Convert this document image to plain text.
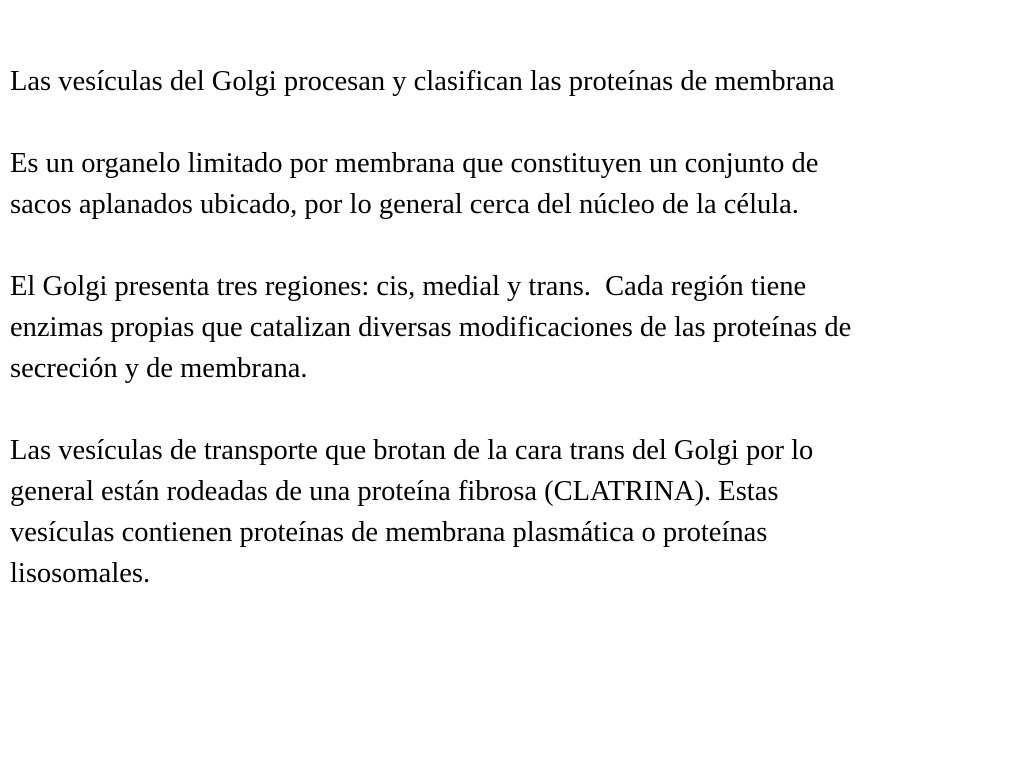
Las vesículas del Golgi procesan y clasifican las proteínas de membrana

Es un organelo limitado por membrana que constituyen un conjunto de
sacos aplanados ubicado, por lo general cerca del núcleo de la célula.

El Golgi presenta tres regiones: cis, medial y trans.  Cada región tiene
enzimas propias que catalizan diversas modificaciones de las proteínas de
secreción y de membrana.

Las vesículas de transporte que brotan de la cara trans del Golgi por lo
general están rodeadas de una proteína fibrosa (CLATRINA). Estas
vesículas contienen proteínas de membrana plasmática o proteínas
lisosomales.
